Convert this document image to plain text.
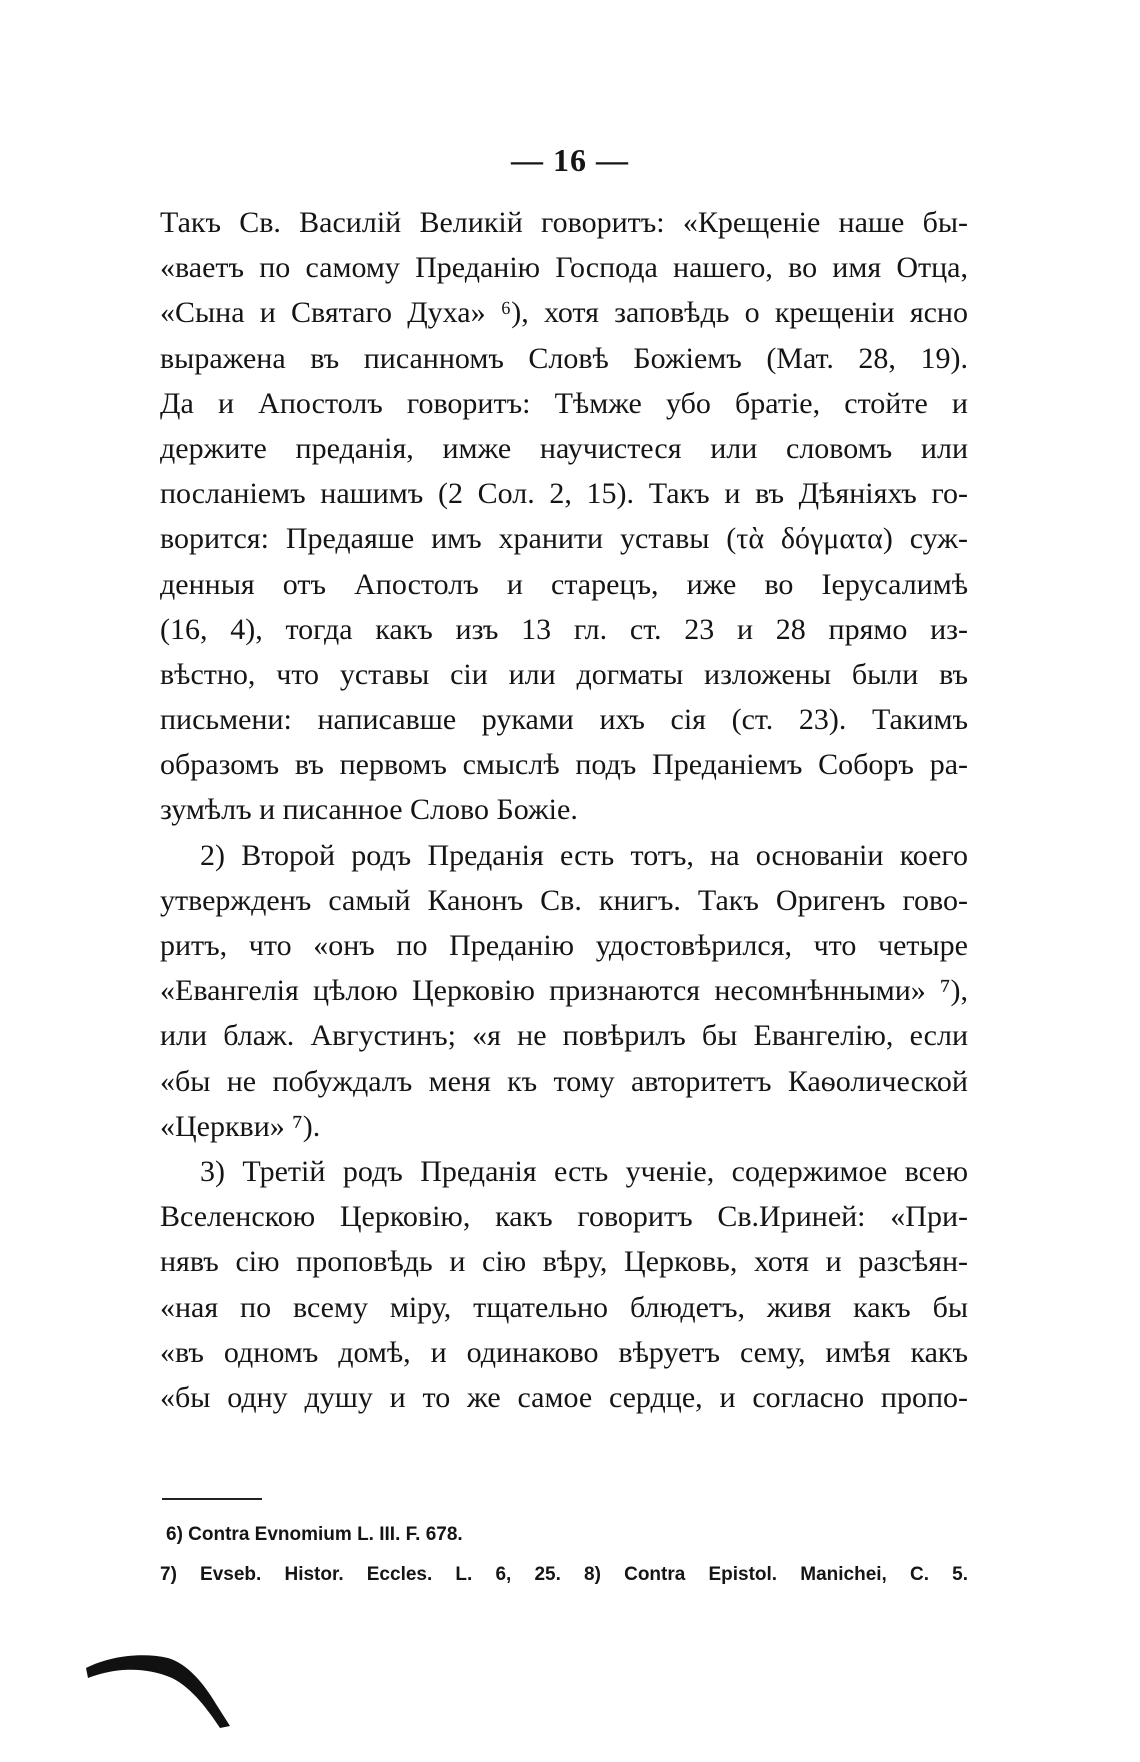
— 16 —
Такъ Св. Василій Великій говоритъ: «Крещеніе наше бы-
«ваетъ по самому Преданію Господа нашего, во имя Отца,
«Сына и Святаго Духа» ⁶), хотя заповѣдь о крещеніи ясно
выражена въ писанномъ Словѣ Божіемъ (Мат. 28, 19).
Да и Апостолъ говоритъ: Тѣмже убо братіе, стойте и
держите преданія, имже научистеся или словомъ или
посланіемъ нашимъ (2 Сол. 2, 15). Такъ и въ Дѣяніяхъ го-
ворится: Предаяше имъ хранити уставы (τὰ δόγματα) суж-
денныя отъ Апостолъ и старецъ, иже во Іерусалимѣ
(16, 4), тогда какъ изъ 13 гл. ст. 23 и 28 прямо из-
вѣстно, что уставы сіи или догматы изложены были въ
письмени: написавше руками ихъ сія (ст. 23). Такимъ
образомъ въ первомъ смыслѣ подъ Преданіемъ Соборъ ра-
зумѣлъ и писанное Слово Божіе.
2) Второй родъ Преданія есть тотъ, на основаніи коего
утвержденъ самый Канонъ Св. книгъ. Такъ Оригенъ гово-
ритъ, что «онъ по Преданію удостовѣрился, что четыре
«Евангелія цѣлою Церковію признаются несомнѣнными» ⁷),
или блаж. Августинъ; «я не повѣрилъ бы Евангелію, если
«бы не побуждалъ меня къ тому авторитетъ Каѳолической
«Церкви» ⁷).
3) Третій родъ Преданія есть ученіе, содержимое всею
Вселенскою Церковію, какъ говоритъ Св.Ириней: «При-
нявъ сію проповѣдь и сію вѣру, Церковь, хотя и разсѣян-
«ная по всему міру, тщательно блюдетъ, живя какъ бы
«въ одномъ домѣ, и одинаково вѣруетъ сему, имѣя какъ
«бы одну душу и то же самое сердце, и согласно пропо-
6) Contra Evnomium L. III. F. 678.
7) Evseb. Histor. Eccles. L. 6, 25. 8) Contra Epistol. Manichei, C. 5.
